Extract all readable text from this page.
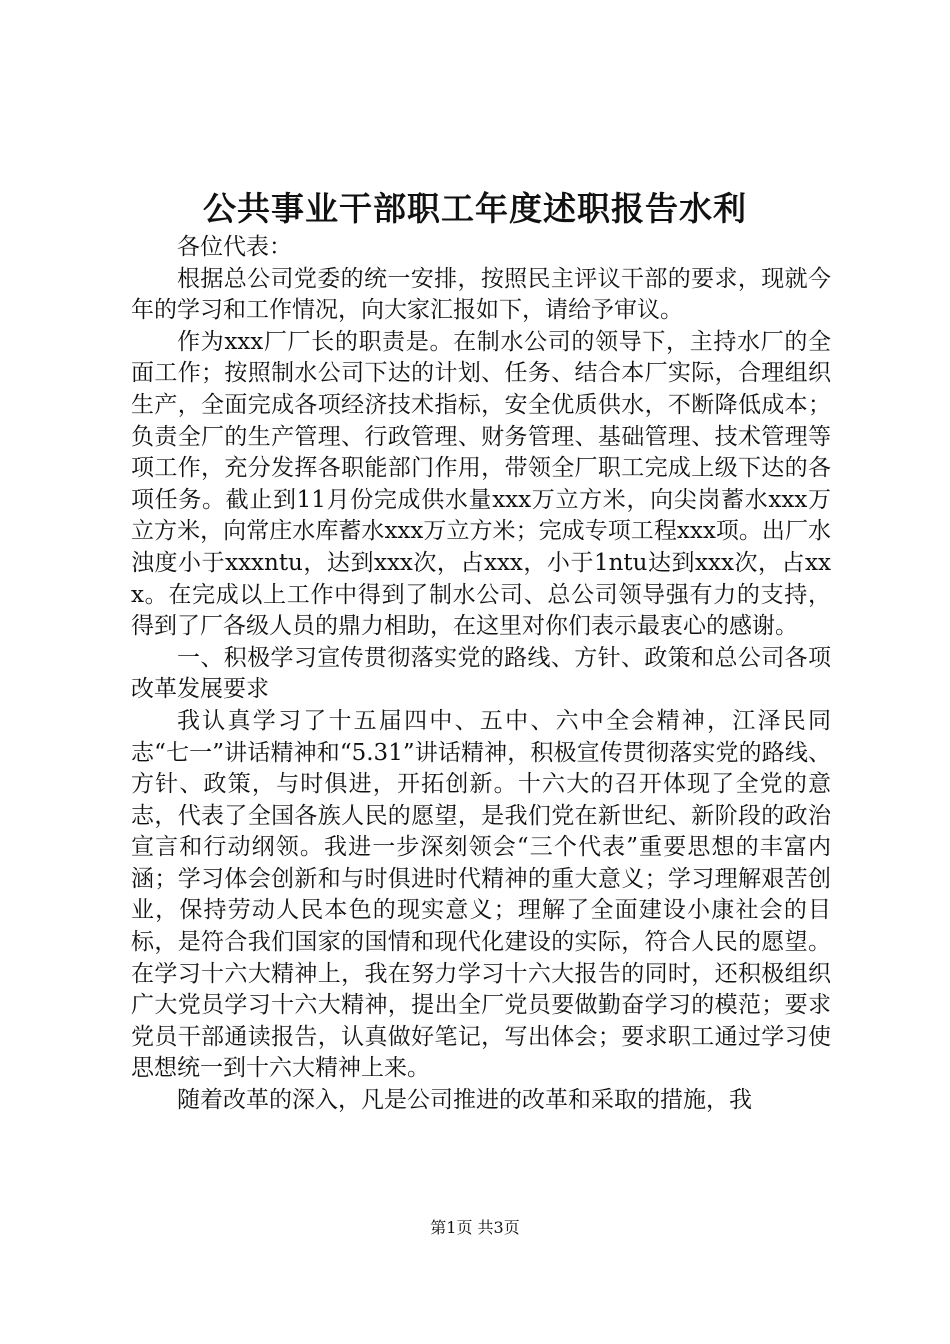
公共事业干部职工年度述职报告水利

各位代表：

根据总公司党委的统一安排，按照民主评议干部的要求，现就今年的学习和工作情况，向大家汇报如下，请给予审议。

作为xxx厂厂长的职责是。在制水公司的领导下，主持水厂的全面工作；按照制水公司下达的计划、任务、结合本厂实际，合理组织生产，全面完成各项经济技术指标，安全优质供水，不断降低成本；负责全厂的生产管理、行政管理、财务管理、基础管理、技术管理等项工作，充分发挥各职能部门作用，带领全厂职工完成上级下达的各项任务。截止到11月份完成供水量xxx万立方米，向尖岗蓄水xxx万立方米，向常庄水库蓄水xxx万立方米；完成专项工程xxx项。出厂水浊度小于xxxntu，达到xxx次，占xxx，小于1ntu达到xxx次，占xxx。在完成以上工作中得到了制水公司、总公司领导强有力的支持，得到了厂各级人员的鼎力相助，在这里对你们表示最衷心的感谢。

一、积极学习宣传贯彻落实党的路线、方针、政策和总公司各项改革发展要求

我认真学习了十五届四中、五中、六中全会精神，江泽民同志“七一”讲话精神和“5.31”讲话精神，积极宣传贯彻落实党的路线、方针、政策，与时俱进，开拓创新。十六大的召开体现了全党的意志，代表了全国各族人民的愿望，是我们党在新世纪、新阶段的政治宣言和行动纲领。我进一步深刻领会“三个代表”重要思想的丰富内涵；学习体会创新和与时俱进时代精神的重大意义；学习理解艰苦创业，保持劳动人民本色的现实意义；理解了全面建设小康社会的目标，是符合我们国家的国情和现代化建设的实际，符合人民的愿望。在学习十六大精神上，我在努力学习十六大报告的同时，还积极组织广大党员学习十六大精神，提出全厂党员要做勤奋学习的模范；要求党员干部通读报告，认真做好笔记，写出体会；要求职工通过学习使思想统一到十六大精神上来。

随着改革的深入，凡是公司推进的改革和采取的措施，我

第1页 共3页
